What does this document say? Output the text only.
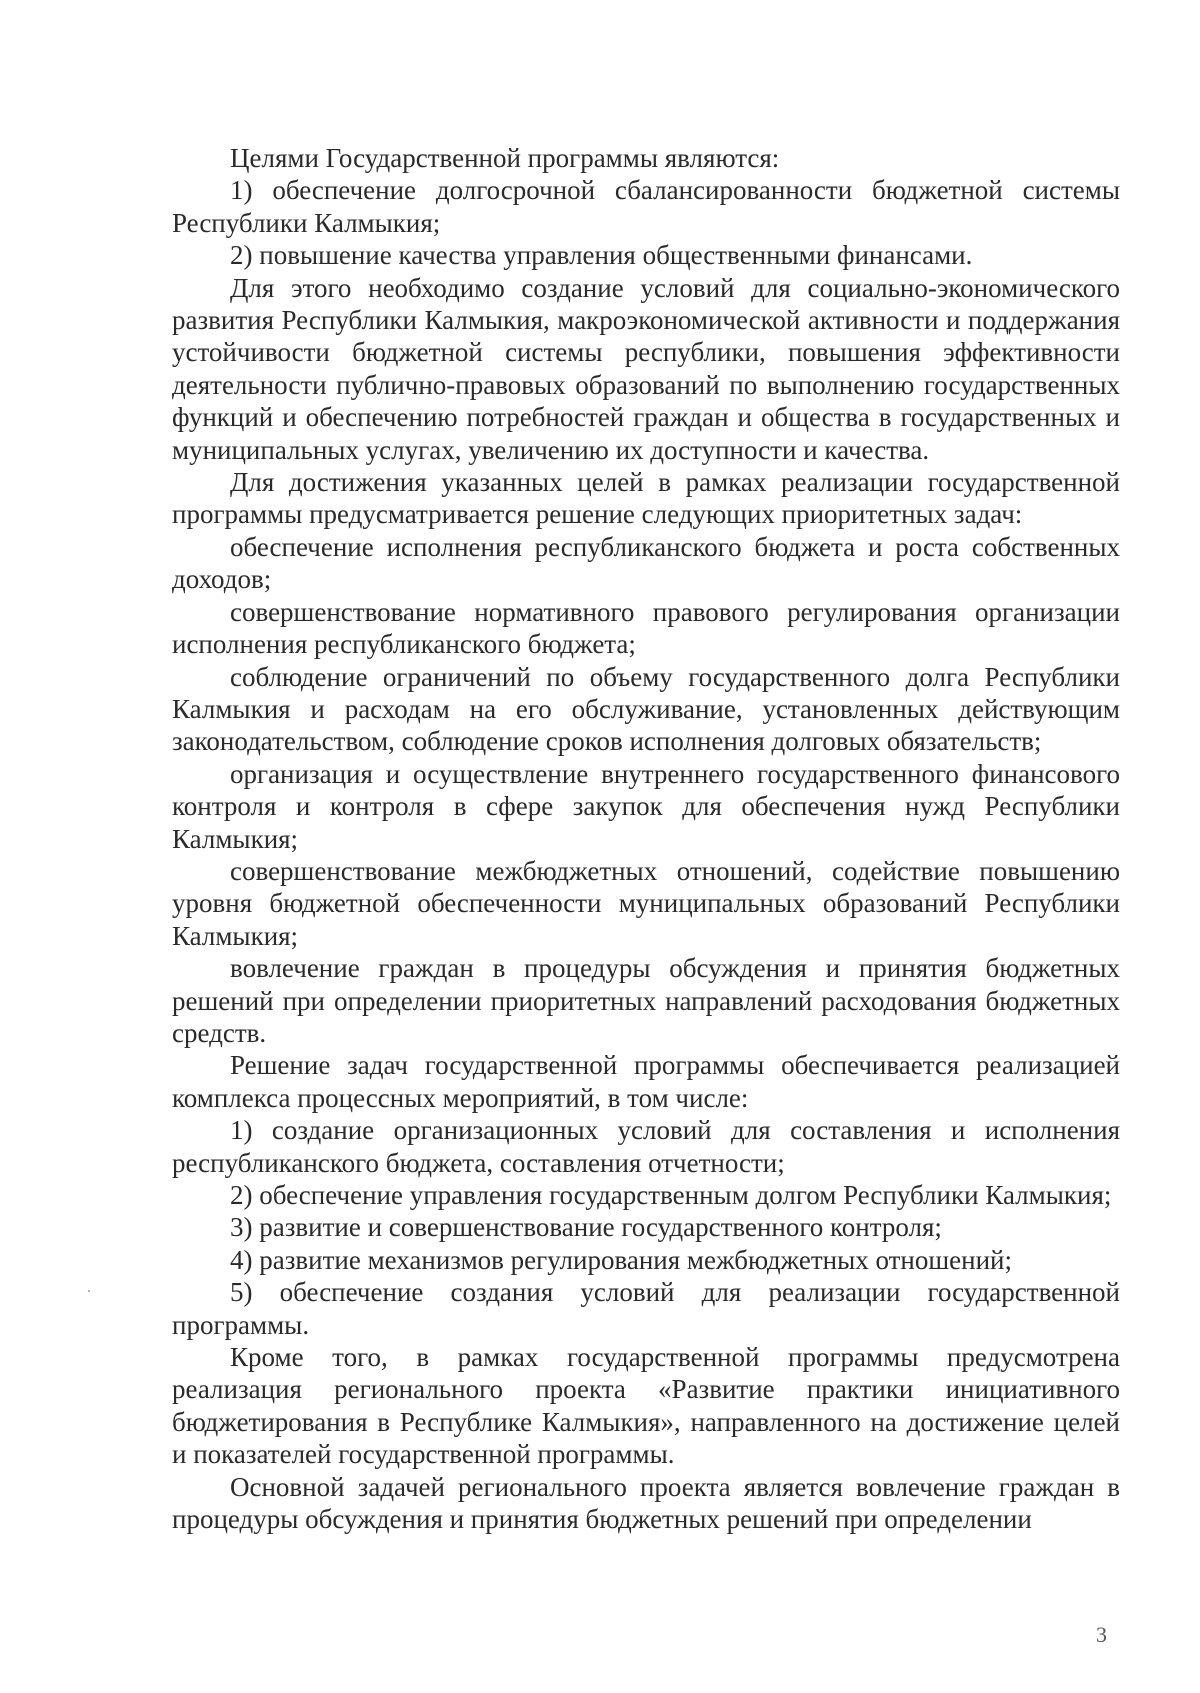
Целями Государственной программы являются:

1) обеспечение долгосрочной сбалансированности бюджетной системы Республики Калмыкия;

2) повышение качества управления общественными финансами.

Для этого необходимо создание условий для социально-экономического развития Республики Калмыкия, макроэкономической активности и поддержания устойчивости бюджетной системы республики, повышения эффективности деятельности публично-правовых образований по выполнению государственных функций и обеспечению потребностей граждан и общества в государственных и муниципальных услугах, увеличению их доступности и качества.

Для достижения указанных целей в рамках реализации государственной программы предусматривается решение следующих приоритетных задач:

обеспечение исполнения республиканского бюджета и роста собственных доходов;

совершенствование нормативного правового регулирования организации исполнения республиканского бюджета;

соблюдение ограничений по объему государственного долга Республики Калмыкия и расходам на его обслуживание, установленных действующим законодательством, соблюдение сроков исполнения долговых обязательств;

организация и осуществление внутреннего государственного финансового контроля и контроля в сфере закупок для обеспечения нужд Республики Калмыкия;

совершенствование межбюджетных отношений, содействие повышению уровня бюджетной обеспеченности муниципальных образований Республики Калмыкия;

вовлечение граждан в процедуры обсуждения и принятия бюджетных решений при определении приоритетных направлений расходования бюджетных средств.

Решение задач государственной программы обеспечивается реализацией комплекса процессных мероприятий, в том числе:

1) создание организационных условий для составления и исполнения республиканского бюджета, составления отчетности;

2) обеспечение управления государственным долгом Республики Калмыкия;

3) развитие и совершенствование государственного контроля;

4) развитие механизмов регулирования межбюджетных отношений;

5) обеспечение создания условий для реализации государственной программы.

Кроме того, в рамках государственной программы предусмотрена реализация регионального проекта «Развитие практики инициативного бюджетирования в Республике Калмыкия», направленного на достижение целей и показателей государственной программы.

Основной задачей регионального проекта является вовлечение граждан в процедуры обсуждения и принятия бюджетных решений при определении

3
